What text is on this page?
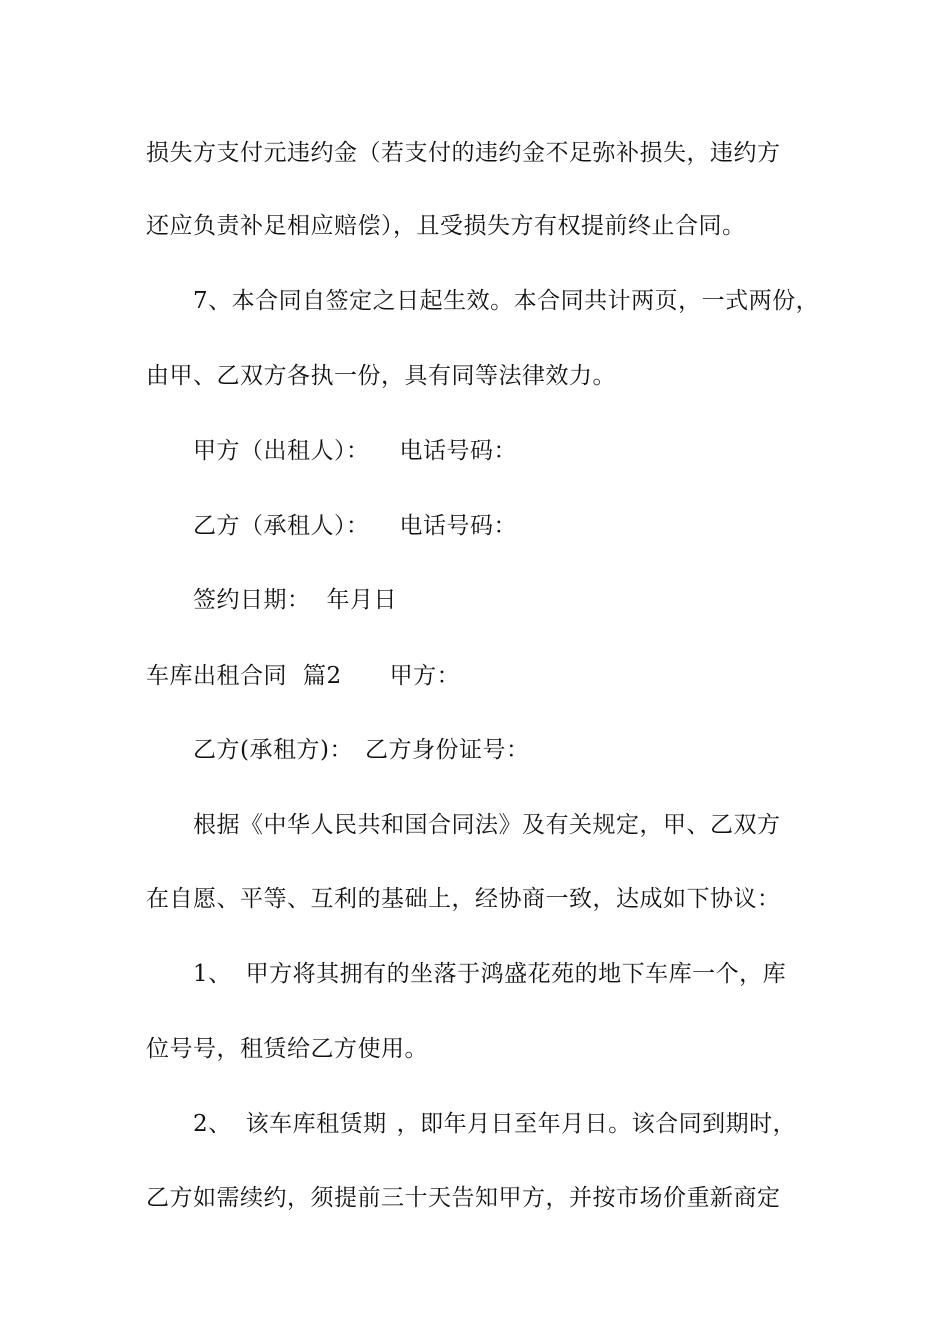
损失方支付元违约金（若支付的违约金不足弥补损失，违约方
还应负责补足相应赔偿），且受损失方有权提前终止合同。
7、本合同自签定之日起生效。本合同共计两页，一式两份，
由甲、乙双方各执一份，具有同等法律效力。
甲方（出租人）： 电话号码：
乙方（承租人）： 电话号码：
签约日期： 年月日
车库出租合同 篇2 甲方：
乙方(承租方)： 乙方身份证号：
根据《中华人民共和国合同法》及有关规定，甲、乙双方
在自愿、平等、互利的基础上，经协商一致，达成如下协议：
1、 甲方将其拥有的坐落于鸿盛花苑的地下车库一个，库
位号号，租赁给乙方使用。
2、 该车库租赁期 ，即年月日至年月日。该合同到期时，
乙方如需续约，须提前三十天告知甲方，并按市场价重新商定
